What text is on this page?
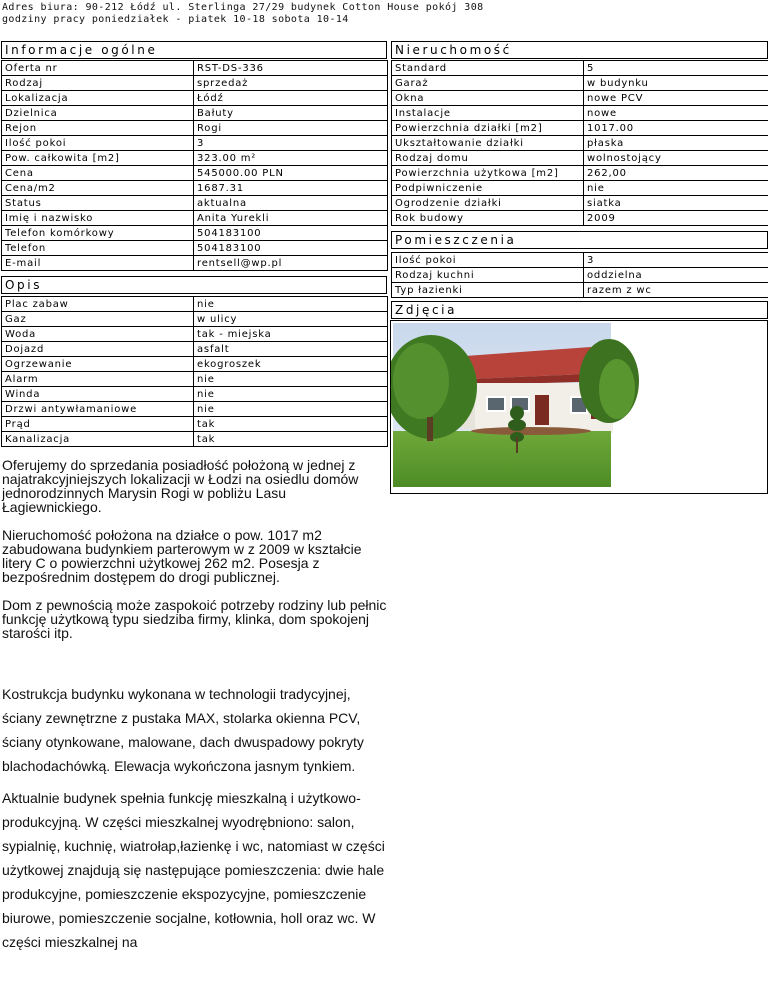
Adres biura: 90-212 Łódź ul. Sterlinga 27/29 budynek Cotton House pokój 308
godziny pracy poniedziałek - piatek 10-18 sobota 10-14
Informacje ogólne
Oferta nr	RST-DS-336
Rodzaj	sprzedaż
Lokalizacja	Łódź
Dzielnica	Bałuty
Rejon	Rogi
Ilość pokoi	3
Pow. całkowita [m2]	323.00 m²
Cena	545000.00 PLN
Cena/m2	1687.31
Status	aktualna
Imię i nazwisko	Anita Yurekli
Telefon komórkowy	504183100
Telefon	504183100
E-mail	rentsell@wp.pl
Opis
Plac zabaw	nie
Gaz	w ulicy
Woda	tak - miejska
Dojazd	asfalt
Ogrzewanie	ekogroszek
Alarm	nie
Winda	nie
Drzwi antywłamaniowe	nie
Prąd	tak
Kanalizacja	tak
Nieruchomość
Standard	5
Garaż	w budynku
Okna	nowe PCV
Instalacje	nowe
Powierzchnia działki [m2]	1017.00
Ukształtowanie działki	płaska
Rodzaj domu	wolnostojący
Powierzchnia użytkowa [m2]	262,00
Podpiwniczenie	nie
Ogrodzenie działki	siatka
Rok budowy	2009
Pomieszczenia
Ilość pokoi	3
Rodzaj kuchni	oddzielna
Typ łazienki	razem z wc
Zdjęcia

Oferujemy do sprzedania posiadłość położoną w jednej z najatrakcyjniejszych lokalizacji w Łodzi na osiedlu domów jednorodzinnych Marysin Rogi w pobliżu Lasu Łagiewnickiego.

Nieruchomość położona na działce o pow. 1017 m2 zabudowana budynkiem parterowym w z 2009 w kształcie litery C o powierzchni użytkowej 262 m2. Posesja z bezpośrednim dostępem do drogi publicznej.

Dom z pewnością może zaspokoić potrzeby rodziny lub pełnic funkcję użytkową typu siedziba firmy, klinka, dom spokojenj starości itp.

Kostrukcja budynku wykonana w technologii tradycyjnej, ściany zewnętrzne z pustaka MAX, stolarka okienna PCV, ściany otynkowane, malowane, dach dwuspadowy pokryty blachodachówką. Elewacja wykończona jasnym tynkiem.

Aktualnie budynek spełnia funkcję mieszkalną i użytkowo-produkcyjną. W części mieszkalnej wyodrębniono: salon, sypialnię, kuchnię, wiatrołap,łazienkę i wc, natomiast w części użytkowej znajdują się następujące pomieszczenia: dwie hale produkcyjne, pomieszczenie ekspozycyjne, pomieszczenie biurowe, pomieszczenie socjalne, kotłownia, holl oraz wc. W części mieszkalnej na
